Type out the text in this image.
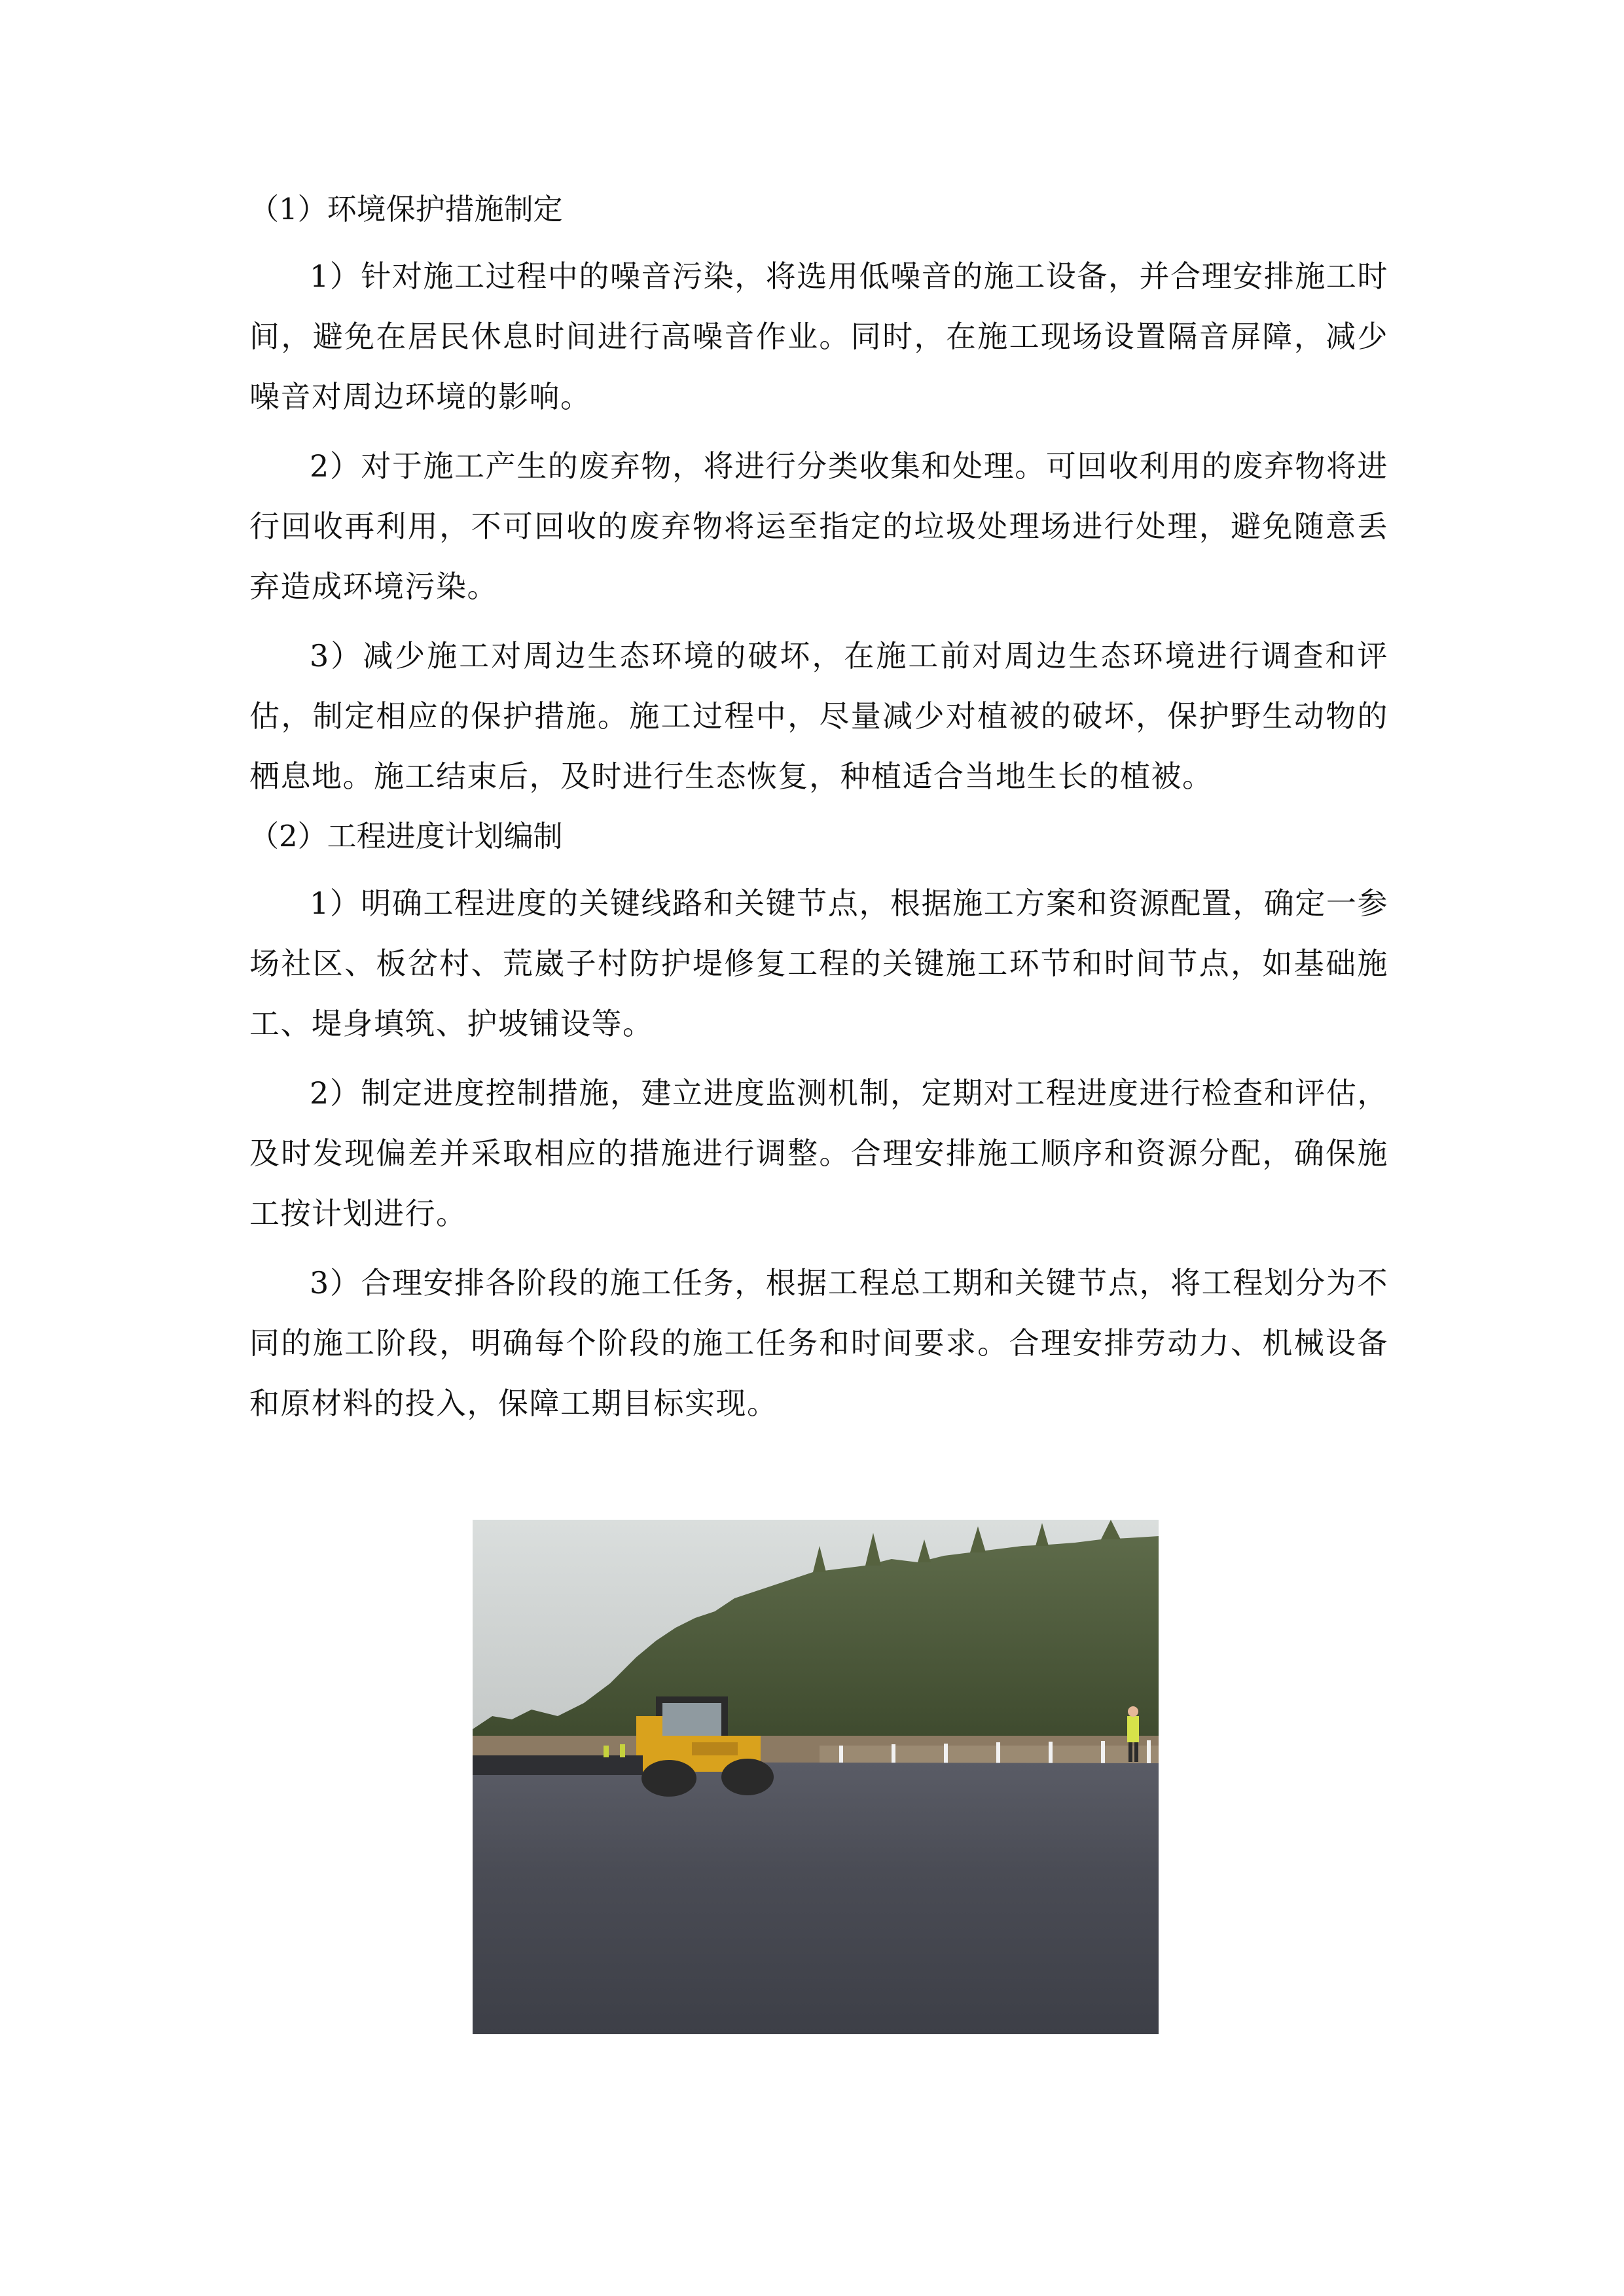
（1）环境保护措施制定

1）针对施工过程中的噪音污染，将选用低噪音的施工设备，并合理安排施工时间，避免在居民休息时间进行高噪音作业。同时，在施工现场设置隔音屏障，减少噪音对周边环境的影响。

2）对于施工产生的废弃物，将进行分类收集和处理。可回收利用的废弃物将进行回收再利用，不可回收的废弃物将运至指定的垃圾处理场进行处理，避免随意丢弃造成环境污染。

3）减少施工对周边生态环境的破坏，在施工前对周边生态环境进行调查和评估，制定相应的保护措施。施工过程中，尽量减少对植被的破坏，保护野生动物的栖息地。施工结束后，及时进行生态恢复，种植适合当地生长的植被。

（2）工程进度计划编制

1）明确工程进度的关键线路和关键节点，根据施工方案和资源配置，确定一参场社区、板岔村、荒崴子村防护堤修复工程的关键施工环节和时间节点，如基础施工、堤身填筑、护坡铺设等。

2）制定进度控制措施，建立进度监测机制，定期对工程进度进行检查和评估，及时发现偏差并采取相应的措施进行调整。合理安排施工顺序和资源分配，确保施工按计划进行。

3）合理安排各阶段的施工任务，根据工程总工期和关键节点，将工程划分为不同的施工阶段，明确每个阶段的施工任务和时间要求。合理安排劳动力、机械设备和原材料的投入，保障工期目标实现。
